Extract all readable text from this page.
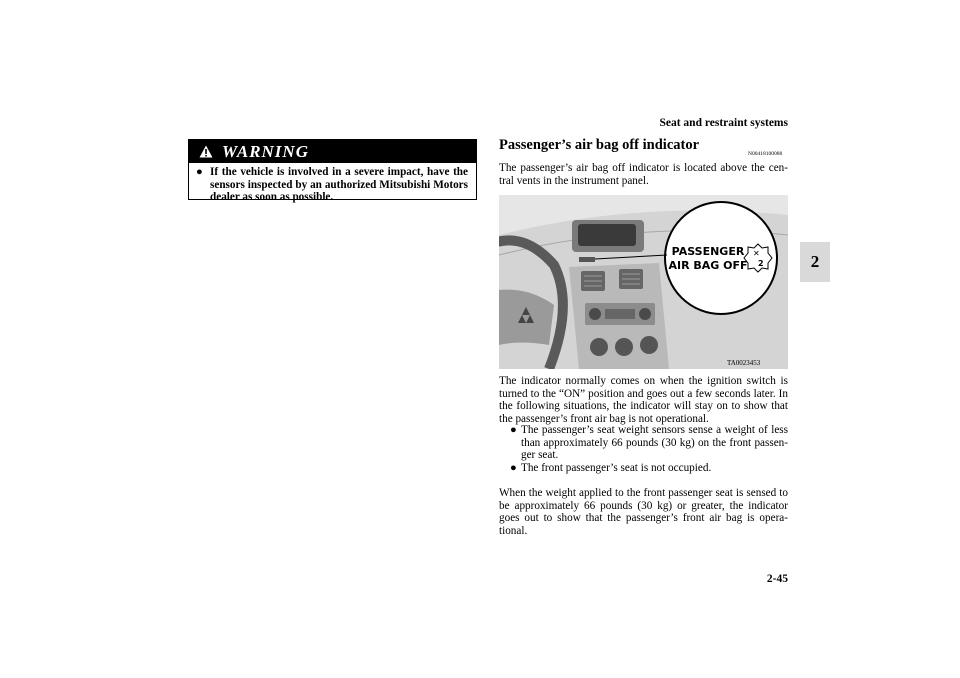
Seat and restraint systems
2
WARNING
● If the vehicle is involved in a severe impact, have the sensors inspected by an authorized Mitsubishi Motors dealer as soon as possible.
Passenger’s air bag off indicator
N00418100088
The passenger’s air bag off indicator is located above the cen-tral vents in the instrument panel.
✕
2
PASSENGER
AIR BAG OFF
TA0023453
The indicator normally comes on when the ignition switch is turned to the “ON” position and goes out a few seconds later. In the following situations, the indicator will stay on to show that the passenger’s front air bag is not operational.
● The passenger’s seat weight sensors sense a weight of less than approximately 66 pounds (30 kg) on the front passen-ger seat.
● The front passenger’s seat is not occupied.
When the weight applied to the front passenger seat is sensed to be approximately 66 pounds (30 kg) or greater, the indicator goes out to show that the passenger’s front air bag is opera-tional.
2-45
